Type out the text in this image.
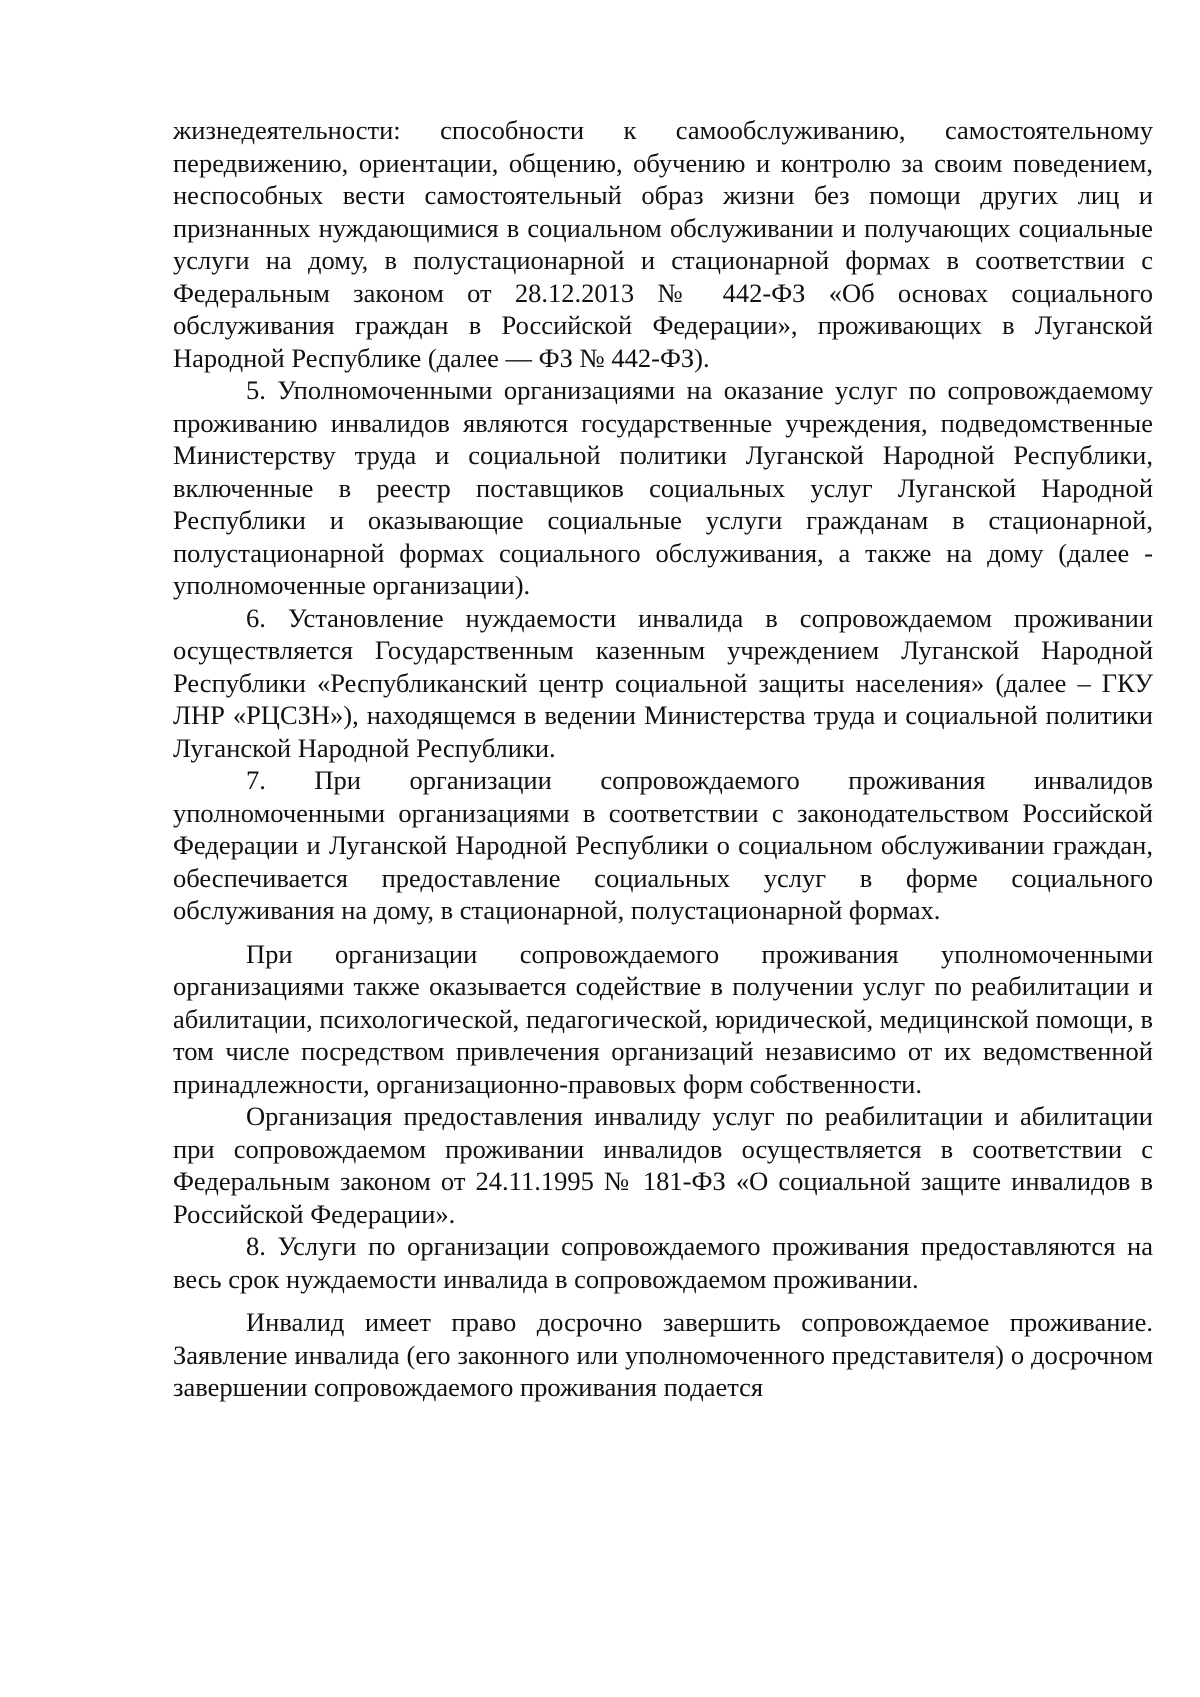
жизнедеятельности: способности к самообслуживанию, самостоятельному передвижению, ориентации, общению, обучению и контролю за своим поведением, неспособных вести самостоятельный образ жизни без помощи других лиц и признанных нуждающимися в социальном обслуживании и получающих социальные услуги на дому, в полустационарной и стационарной формах в соответствии с Федеральным законом от 28.12.2013 № 442-ФЗ «Об основах социального обслуживания граждан в Российской Федерации», проживающих в Луганской Народной Республике (далее — ФЗ № 442-ФЗ).

5. Уполномоченными организациями на оказание услуг по сопровождаемому проживанию инвалидов являются государственные учреждения, подведомственные Министерству труда и социальной политики Луганской Народной Республики, включенные в реестр поставщиков социальных услуг Луганской Народной Республики и оказывающие социальные услуги гражданам в стационарной, полустационарной формах социального обслуживания, а также на дому (далее - уполномоченные организации).

6. Установление нуждаемости инвалида в сопровождаемом проживании осуществляется Государственным казенным учреждением Луганской Народной Республики «Республиканский центр социальной защиты населения» (далее – ГКУ ЛНР «РЦСЗН»), находящемся в ведении Министерства труда и социальной политики Луганской Народной Республики.

7. При организации сопровождаемого проживания инвалидов уполномоченными организациями в соответствии с законодательством Российской Федерации и Луганской Народной Республики о социальном обслуживании граждан, обеспечивается предоставление социальных услуг в форме социального обслуживания на дому, в стационарной, полустационарной формах.

При организации сопровождаемого проживания уполномоченными организациями также оказывается содействие в получении услуг по реабилитации и абилитации, психологической, педагогической, юридической, медицинской помощи, в том числе посредством привлечения организаций независимо от их ведомственной принадлежности, организационно-правовых форм собственности.

Организация предоставления инвалиду услуг по реабилитации и абилитации при сопровождаемом проживании инвалидов осуществляется в соответствии с Федеральным законом от 24.11.1995 № 181-ФЗ «О социальной защите инвалидов в Российской Федерации».

8. Услуги по организации сопровождаемого проживания предоставляются на весь срок нуждаемости инвалида в сопровождаемом проживании.

Инвалид имеет право досрочно завершить сопровождаемое проживание. Заявление инвалида (его законного или уполномоченного представителя) о досрочном завершении сопровождаемого проживания подается
